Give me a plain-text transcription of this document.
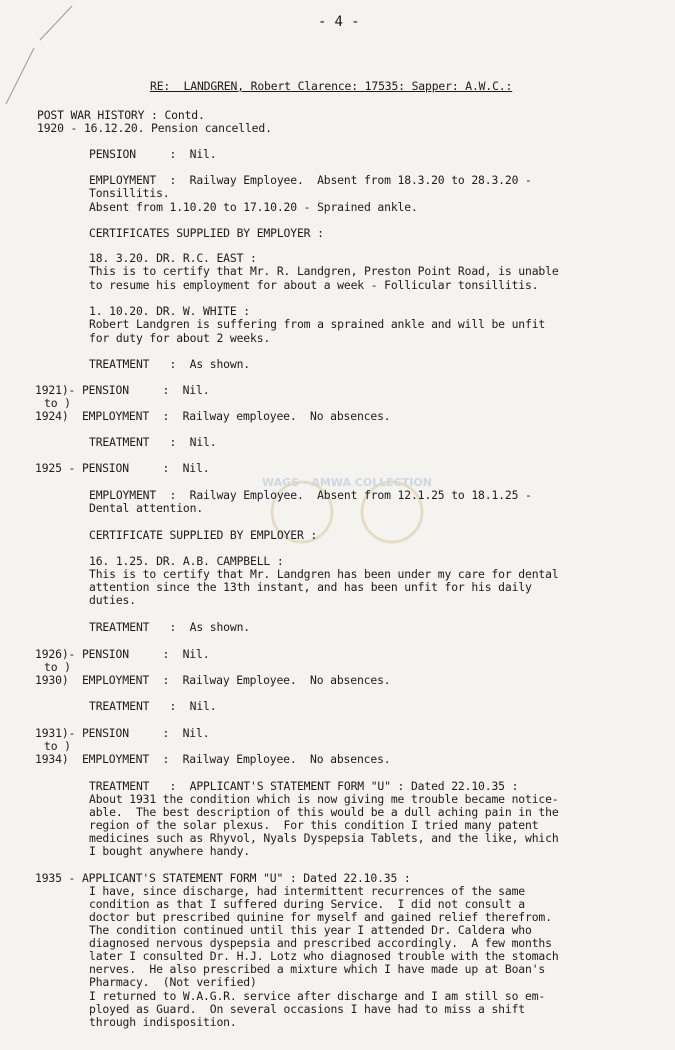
- 4 -
RE:  LANDGREN, Robert Clarence: 17535: Sapper: A.W.C.:
WAGS - AMWA COLLECTION
POST WAR HISTORY : Contd.
1920 - 16.12.20. Pension cancelled.
PENSION     :  Nil.
EMPLOYMENT  :  Railway Employee.  Absent from 18.3.20 to 28.3.20 -
Tonsillitis.
Absent from 1.10.20 to 17.10.20 - Sprained ankle.
CERTIFICATES SUPPLIED BY EMPLOYER :
18. 3.20. DR. R.C. EAST :
This is to certify that Mr. R. Landgren, Preston Point Road, is unable
to resume his employment for about a week - Follicular tonsillitis.
1. 10.20. DR. W. WHITE :
Robert Landgren is suffering from a sprained ankle and will be unfit
for duty for about 2 weeks.
TREATMENT   :  As shown.
1921)- PENSION     :  Nil.
to )
1924)  EMPLOYMENT  :  Railway employee.  No absences.
TREATMENT   :  Nil.
1925 - PENSION     :  Nil.
EMPLOYMENT  :  Railway Employee.  Absent from 12.1.25 to 18.1.25 -
Dental attention.
CERTIFICATE SUPPLIED BY EMPLOYER :
16. 1.25. DR. A.B. CAMPBELL :
This is to certify that Mr. Landgren has been under my care for dental
attention since the 13th instant, and has been unfit for his daily
duties.
TREATMENT   :  As shown.
1926)- PENSION     :  Nil.
to )
1930)  EMPLOYMENT  :  Railway Employee.  No absences.
TREATMENT   :  Nil.
1931)- PENSION     :  Nil.
to )
1934)  EMPLOYMENT  :  Railway Employee.  No absences.
TREATMENT   :  APPLICANT'S STATEMENT FORM "U" : Dated 22.10.35 :
About 1931 the condition which is now giving me trouble became notice-
able.  The best description of this would be a dull aching pain in the
region of the solar plexus.  For this condition I tried many patent
medicines such as Rhyvol, Nyals Dyspepsia Tablets, and the like, which
I bought anywhere handy.
1935 - APPLICANT'S STATEMENT FORM "U" : Dated 22.10.35 :
I have, since discharge, had intermittent recurrences of the same
condition as that I suffered during Service.  I did not consult a
doctor but prescribed quinine for myself and gained relief therefrom.
The condition continued until this year I attended Dr. Caldera who
diagnosed nervous dyspepsia and prescribed accordingly.  A few months
later I consulted Dr. H.J. Lotz who diagnosed trouble with the stomach
nerves.  He also prescribed a mixture which I have made up at Boan's
Pharmacy.  (Not verified)
I returned to W.A.G.R. service after discharge and I am still so em-
ployed as Guard.  On several occasions I have had to miss a shift
through indisposition.
